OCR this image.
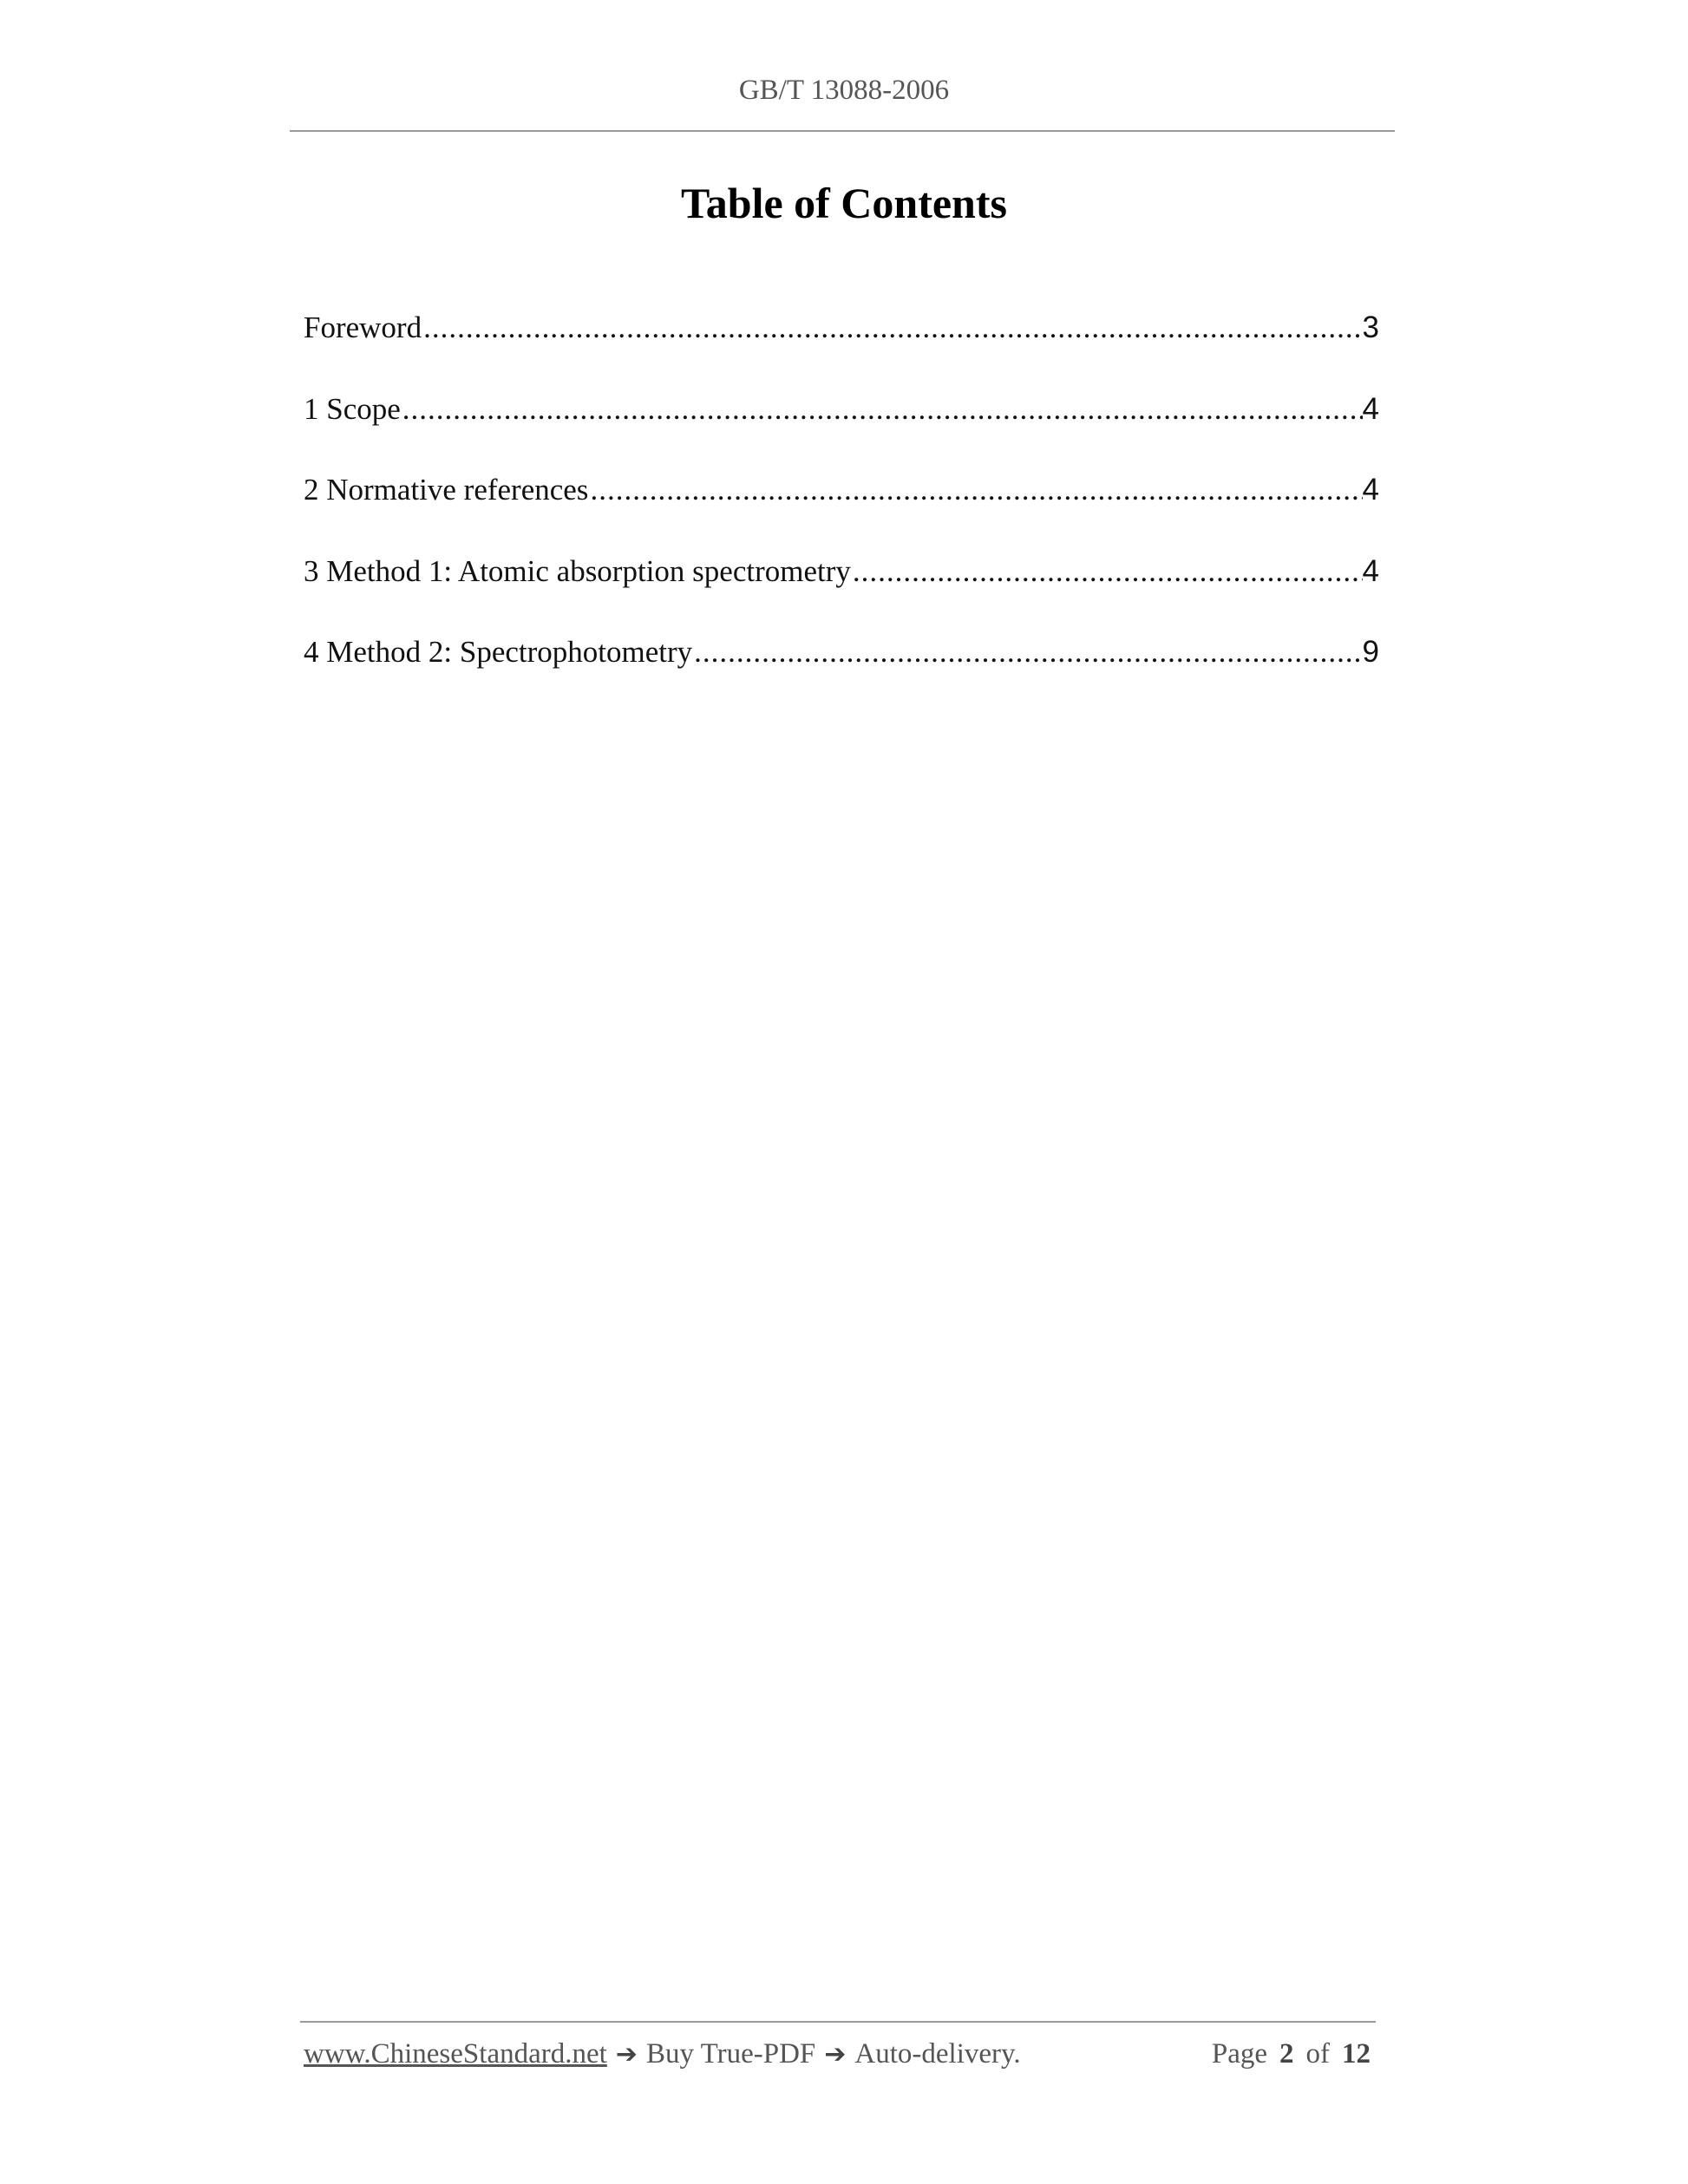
GB/T 13088-2006
Table of Contents
Foreword .....	3
1 Scope .....	4
2 Normative references .....	4
3 Method 1: Atomic absorption spectrometry .....	4
4 Method 2: Spectrophotometry .....	9
www.ChineseStandard.net ➔ Buy True-PDF ➔ Auto-delivery.	Page 2 of 12
